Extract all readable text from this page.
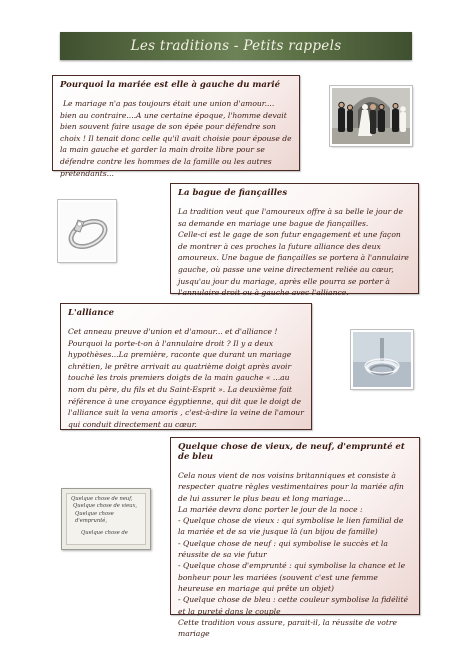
Les traditions - Petits rappels
Pourquoi la mariée est elle à gauche du marié

Le mariage n'a pas toujours était une union d'amour.... bien au contraire....A une certaine époque, l'homme devait bien souvent faire usage de son épée pour défendre son choix ! Il tenait donc celle qu'il avait choisie pour épouse de la main gauche et garder la main droite libre pour se défendre contre les hommes de la famille ou les autres prétendants...

La bague de fiançailles

La tradition veut que l'amoureux offre à sa belle le jour de sa demande en mariage une bague de fiançailles.

Celle-ci est le gage de son futur engagement et une façon de montrer à ces proches la future alliance des deux amoureux. Une bague de fiançailles se portera à l'annulaire gauche, où passe une veine directement reliée au cœur, jusqu'au jour du mariage, après elle pourra se porter à l'annulaire droit ou à gauche avec l'alliance.

L'alliance

Cet anneau preuve d'union et d'amour... et d'alliance ! Pourquoi la porte-t-on à l'annulaire droit ? Il y a deux hypothèses...La première, raconte que durant un mariage chrétien, le prêtre arrivait au quatrième doigt après avoir touché les trois premiers doigts de la main gauche « ...au nom du père, du fils et du Saint-Esprit ». La deuxième fait référence à une croyance égyptienne, qui dit que le doigt de l'alliance suit la vena amoris , c'est-à-dire la veine de l'amour qui conduit directement au cœur.

Quelque chose de neuf,
Quelque chose de vieux,
Quelque chose d'emprunté,
Quelque chose de
Quelque chose de vieux, de neuf, d'emprunté et de bleu

Cela nous vient de nos voisins britanniques et consiste à respecter quatre règles vestimentaires pour la mariée afin de lui assurer le plus beau et long mariage...

La mariée devra donc porter le jour de la noce :

- Quelque chose de vieux : qui symbolise le lien familial de la mariée et de sa vie jusque là (un bijou de famille)

- Quelque chose de neuf : qui symbolise le succès et la réussite de sa vie futur

- Quelque chose d'emprunté : qui symbolise la chance et le bonheur pour les mariées (souvent c'est une femme heureuse en mariage qui prête un objet)

- Quelque chose de bleu : cette couleur symbolise la fidélité et la pureté dans le couple

Cette tradition vous assure, parait-il, la réussite de votre mariage
